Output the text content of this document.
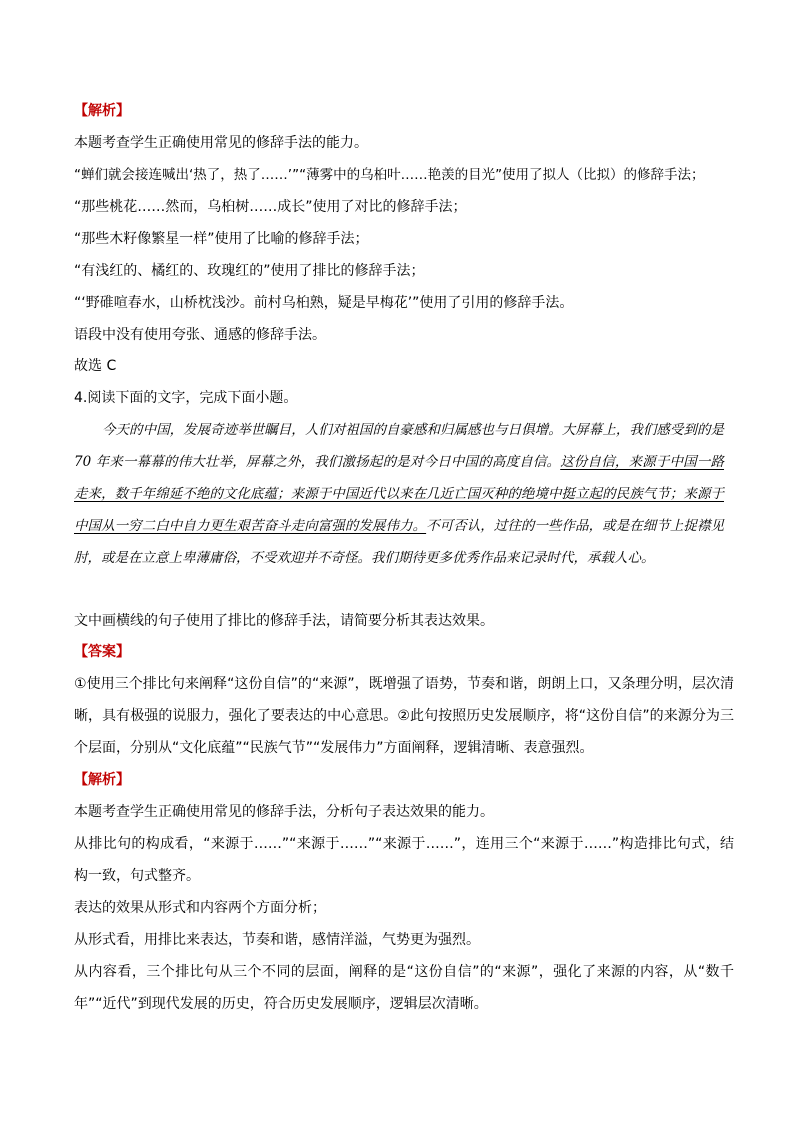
【解析】
本题考查学生正确使用常见的修辞手法的能力。
“蝉们就会接连喊出‘热了，热了……’”“薄雾中的乌桕叶……艳羡的目光”使用了拟人（比拟）的修辞手法；
“那些桃花……然而，乌桕树……成长”使用了对比的修辞手法；
“那些木籽像繁星一样”使用了比喻的修辞手法；
“有浅红的、橘红的、玫瑰红的”使用了排比的修辞手法；
“‘野碓喧春水，山桥枕浅沙。前村乌桕熟，疑是早梅花’”使用了引用的修辞手法。
语段中没有使用夸张、通感的修辞手法。
故选 C
4.阅读下面的文字，完成下面小题。
今天的中国，发展奇迹举世瞩目，人们对祖国的自豪感和归属感也与日俱增。大屏幕上，我们感受到的是 70 年来一幕幕的伟大壮举，屏幕之外，我们激扬起的是对今日中国的高度自信。这份自信，来源于中国一路走来，数千年绵延不绝的文化底蕴；来源于中国近代以来在几近亡国灭种的绝境中挺立起的民族气节；来源于中国从一穷二白中自力更生艰苦奋斗走向富强的发展伟力。不可否认，过往的一些作品，或是在细节上捉襟见肘，或是在立意上卑薄庸俗，不受欢迎并不奇怪。我们期待更多优秀作品来记录时代，承载人心。
文中画横线的句子使用了排比的修辞手法，请简要分析其表达效果。
【答案】
①使用三个排比句来阐释“这份自信”的“来源”，既增强了语势，节奏和谐，朗朗上口，又条理分明，层次清晰，具有极强的说服力，强化了要表达的中心意思。②此句按照历史发展顺序，将“这份自信”的来源分为三个层面，分别从“文化底蕴”“民族气节”“发展伟力”方面阐释，逻辑清晰、表意强烈。
【解析】
本题考查学生正确使用常见的修辞手法，分析句子表达效果的能力。
从排比句的构成看，“来源于……”“来源于……”“来源于……”，连用三个“来源于……”构造排比句式，结构一致，句式整齐。
表达的效果从形式和内容两个方面分析；
从形式看，用排比来表达，节奏和谐，感情洋溢，气势更为强烈。
从内容看，三个排比句从三个不同的层面，阐释的是“这份自信”的“来源”，强化了来源的内容，从“数千年”“近代”到现代发展的历史，符合历史发展顺序，逻辑层次清晰。
